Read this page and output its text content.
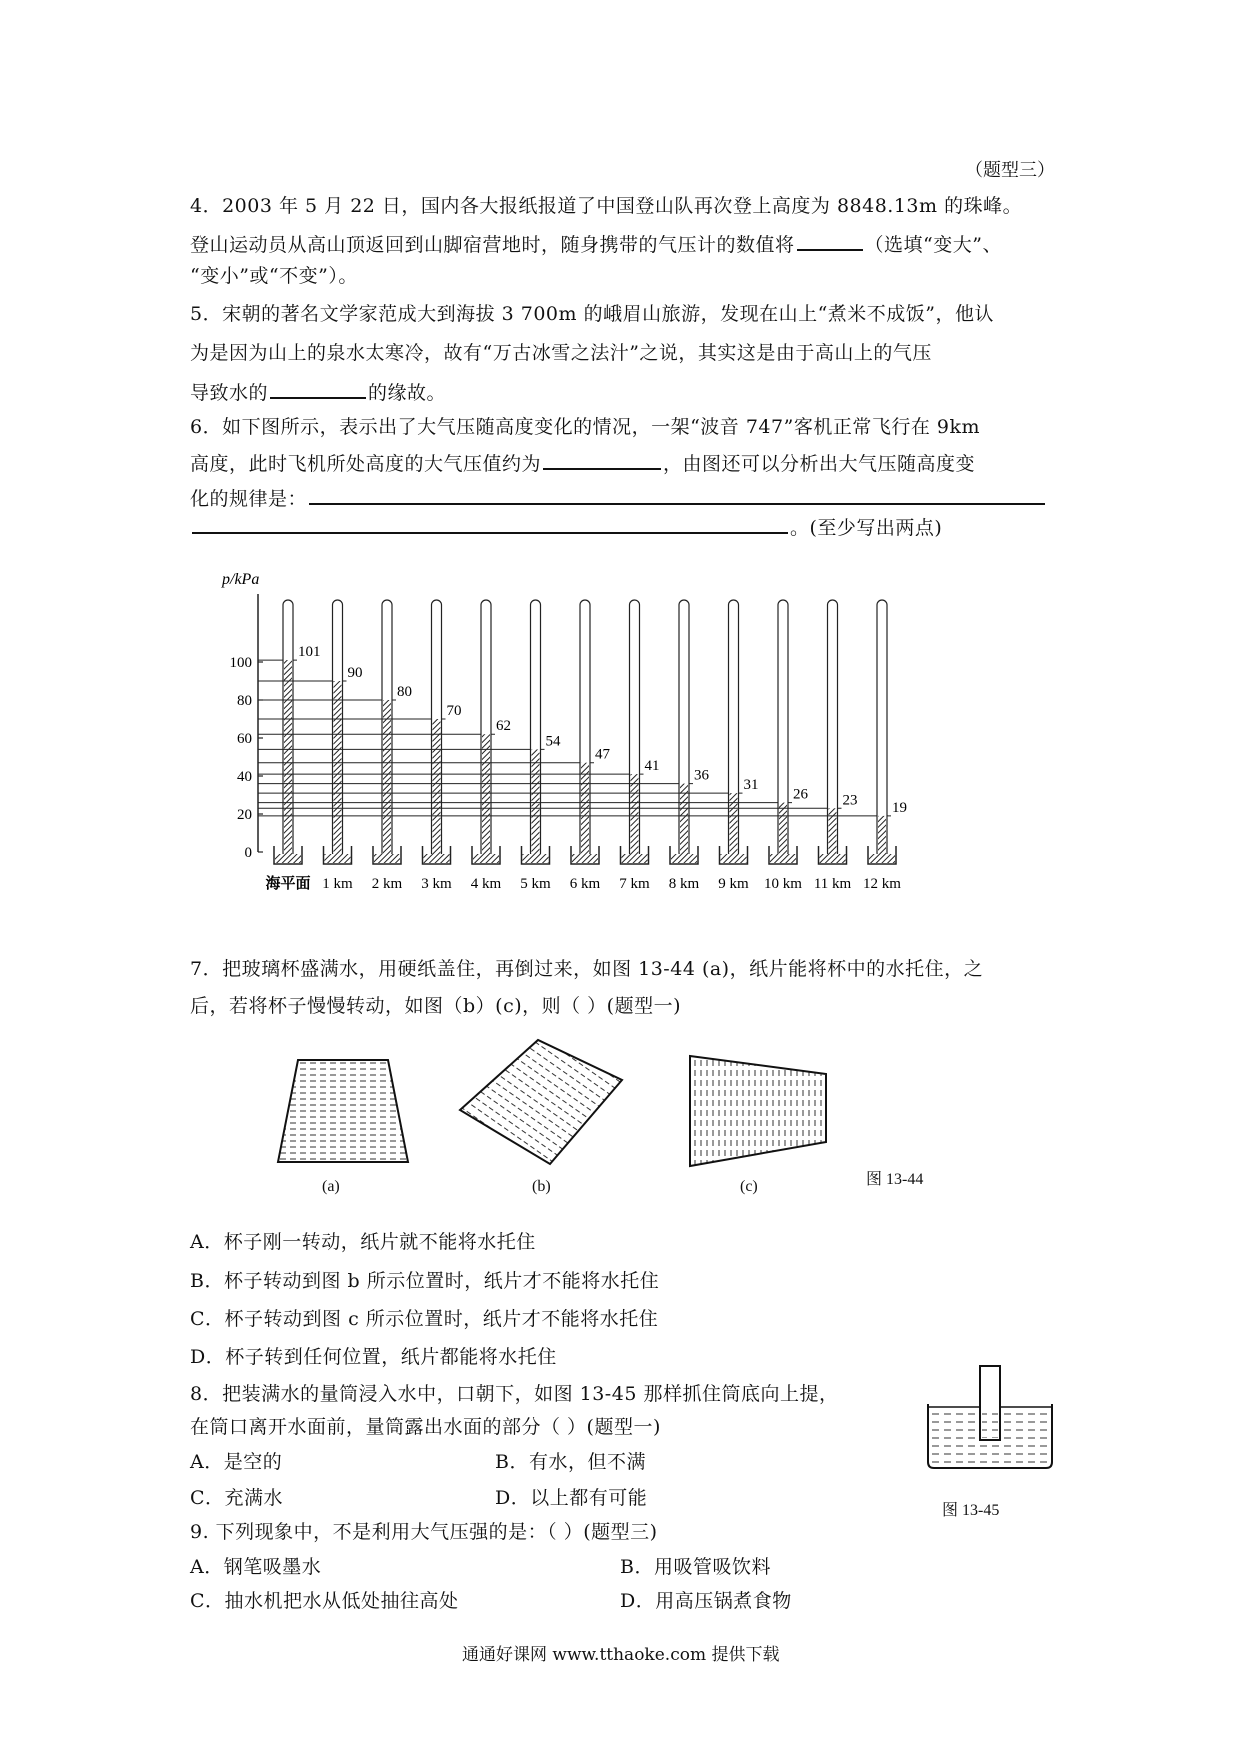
（题型三）
4．2003 年 5 月 22 日，国内各大报纸报道了中国登山队再次登上高度为 8848.13m 的珠峰。
登山运动员从高山顶返回到山脚宿营地时，随身携带的气压计的数值将	（选填“变大”、
“变小”或“不变”）。
5．宋朝的著名文学家范成大到海拔 3 700m 的峨眉山旅游，发现在山上“煮米不成饭”，他认
为是因为山上的泉水太寒冷，故有“万古冰雪之法汁”之说，其实这是由于高山上的气压
导致水的	的缘故。
6．如下图所示，表示出了大气压随高度变化的情况，一架“波音 747”客机正常飞行在 9km
高度，此时飞机所处高度的大气压值约为	，由图还可以分析出大气压随高度变
化的规律是：
。(至少写出两点)
p/kPa
0
20
40
60
80
100
101
90
80
70
62
54
47
41
36
31
26 23 19
海平面 1 km 2 km 3 km 4 km 5 km 6 km 7 km 8 km 9 km 10 km 11 km 12 km
7．把玻璃杯盛满水，用硬纸盖住，再倒过来，如图 13-44 (a)，纸片能将杯中的水托住，之
后，若将杯子慢慢转动，如图（b）(c)，则（ ）(题型一)
(a)	(b)	(c)	图 13-44
A．杯子刚一转动，纸片就不能将水托住
B．杯子转动到图 b 所示位置时，纸片才不能将水托住
C．杯子转动到图 c 所示位置时，纸片才不能将水托住
D．杯子转到任何位置，纸片都能将水托住
8．把装满水的量筒浸入水中，口朝下，如图 13-45 那样抓住筒底向上提，
在筒口离开水面前，量筒露出水面的部分（ ）(题型一)
A．是空的	B．有水，但不满
C．充满水	D．以上都有可能
图 13-45
9. 下列现象中，不是利用大气压强的是：（ ）(题型三)
A．钢笔吸墨水	B．用吸管吸饮料
C．抽水机把水从低处抽往高处	D．用高压锅煮食物
通通好课网 www.tthaoke.com 提供下载
